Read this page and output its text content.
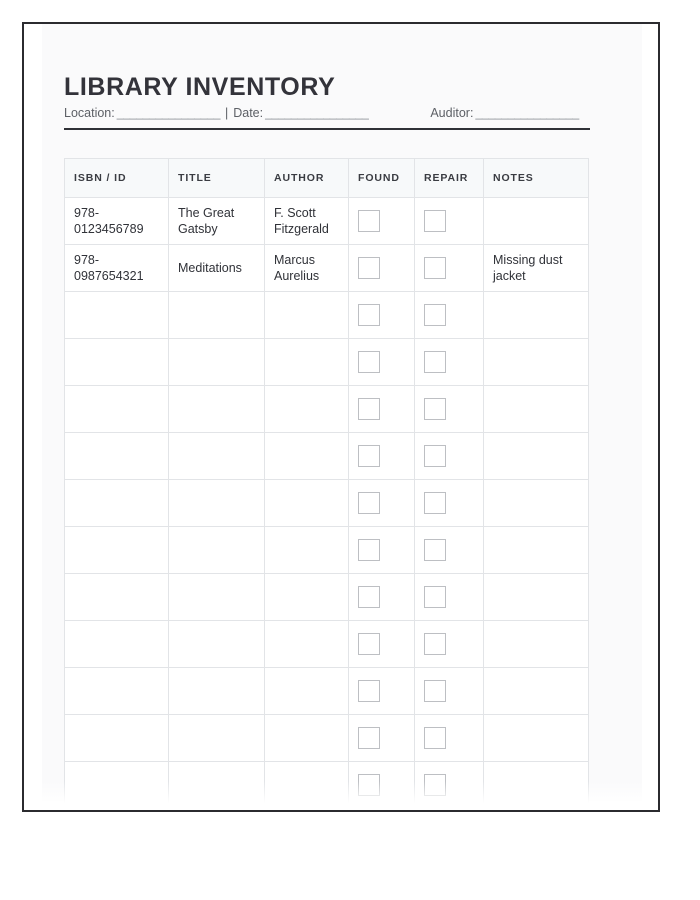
LIBRARY INVENTORY
Location: ________________ | Date: ________________	Auditor: ________________
ISBN / ID	TITLE	AUTHOR	FOUND	REPAIR	NOTES
978-0123456789	The Great Gatsby	F. Scott Fitzgerald			
978-0987654321	Meditations	Marcus Aurelius			Missing dust jacket
